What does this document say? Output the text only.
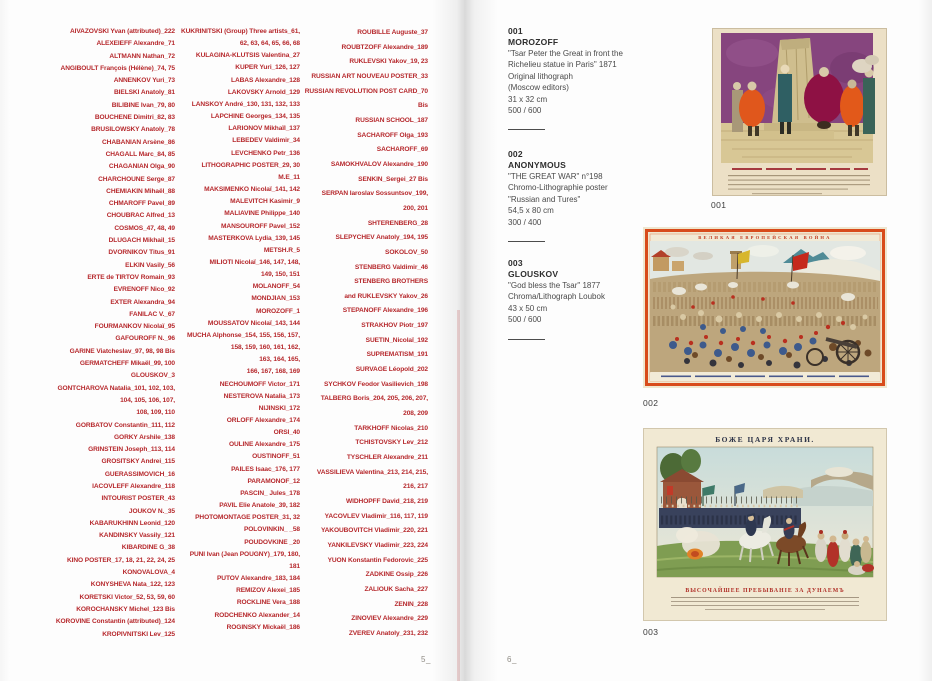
AIVAZOVSKI Yvan (attributed)_222
ALEXEIEFF Alexandre_71
ALTMANN Nathan_72
ANGIBOULT François (Hélène)_74, 75
ANNENKOV Yuri_73
BIELSKI Anatoly_81
BILIBINE Ivan_79, 80
BOUCHENE Dimitri_82, 83
BRUSILOWSKY Anatoly_78
CHABANIAN Arsène_86
CHAGALL Marc_84, 85
CHAGANIAN Olga_90
CHARCHOUNE Serge_87
CHEMIAKIN Mihaël_88
CHMAROFF Pavel_89
CHOUBRAC Alfred_13
COSMOS_47, 48, 49
DLUGACH Mikhail_15
DVORNIKOV Titus_91
ELKIN Vasily_56
ERTE de TIRTOV Romain_93
EVRENOFF Nico_92
EXTER Alexandra_94
FANILAC V._67
FOURMANKOV Nicolaï_95
GAFOUROFF N._96
GARINE Viatcheslav_97, 98, 98 Bis
GERMATCHEFF Mikaël_99, 100
GLOUSKOV_3
GONTCHAROVA Natalia_101, 102, 103,
104, 105, 106, 107,
108, 109, 110
GORBATOV Constantin_111, 112
GORKY Arshile_138
GRINSTEIN Joseph_113, 114
GROSITSKY Andrei_115
GUERASSIMOVICH_16
IACOVLEFF Alexandre_118
INTOURIST POSTER_43
JOUKOV N._35
KABARUKHINN Leonid_120
KANDINSKY Vassily_121
KIBARDINE G_38
KINO POSTER_17, 18, 21, 22, 24, 25
KONOVALOVA_4
KONYSHEVA Nata_122, 123
KORETSKI Victor_52, 53, 59, 60
KOROCHANSKY Michel_123 Bis
KOROVINE Constantin (attributed)_124
KROPIVNITSKI Lev_125
KUKRINITSKI (Group) Three artists_61,
62, 63, 64, 65, 66, 68
KULAGINA-KLUTSIS Valentina_27
KUPER Yuri_126, 127
LABAS Alexandre_128
LAKOVSKY Arnold_129
LANSKOY André_130, 131, 132, 133
LAPCHINE Georges_134, 135
LARIONOV Mikhaïl_137
LEBEDEV Valdimir_34
LEVCHENKO Petr_136
LITHOGRAPHIC POSTER_29, 30
M.E_11
MAKSIMENKO Nicolaï_141, 142
MALEVITCH Kasimir_9
MALIAVINE Philippe_140
MANSOUROFF Pavel_152
MASTERKOVA Lydia_139, 145
METSH.R_5
MILIOTI Nicolaï_146, 147, 148,
149, 150, 151
MOLANOFF_54
MONDJIAN_153
MOROZOFF_1
MOUSSATOV Nicolaï_143, 144
MUCHA Alphonse_154, 155, 156, 157,
158, 159, 160, 161, 162,
163, 164, 165,
166, 167, 168, 169
NECHOUMOFF Victor_171
NESTEROVA Natalia_173
NIJINSKI_172
ORLOFF Alexandre_174
ORSI_40
OULINE Alexandre_175
OUSTINOFF_51
PAILES Isaac_176, 177
PARAMONOF_12
PASCIN_ Jules_178
PAVIL Elie Anatole_39, 182
PHOTOMONTAGE POSTER_31, 32
POLOVINKIN_ _58
POUDOVKINE _20
PUNI Ivan (Jean POUGNY)_179, 180,
181
PUTOV Alexandre_183, 184
REMIZOV Alexei_185
ROCKLINE Vera_188
RODCHENKO Alexander_14
ROGINSKY Mickaël_186
ROUBILLE Auguste_37
ROUBTZOFF Alexandre_189
RUKLEVSKI Yakov_19, 23
RUSSIAN ART NOUVEAU POSTER_33
RUSSIAN REVOLUTION POST CARD_70
Bis
RUSSIAN SCHOOL_187
SACHAROFF Olga_193
SACHAROFF_69
SAMOKHVALOV Alexandre_190
SENKIN_Sergei_27 Bis
SERPAN Iaroslav Sossuntsov_199,
200, 201
SHTERENBERG_28
SLEPYCHEV Anatoly_194, 195
SOKOLOV_50
STENBERG Valdimir_46
STENBERG BROTHERS
and RUKLEVSKY Yakov_26
STEPANOFF Alexandre_196
STRAKHOV Piotr_197
SUETIN_Nicolaï_192
SUPREMATISM_191
SURVAGE Léopold_202
SYCHKOV Feodor Vasilievich_198
TALBERG Boris_204, 205, 206, 207,
208, 209
TARKHOFF Nicolas_210
TCHISTOVSKY Lev_212
TYSCHLER Alexandre_211
VASSILIEVA Valentina_213, 214, 215,
216, 217
WIDHOPFF David_218, 219
YACOVLEV Vladimir_116, 117, 119
YAKOUBOVITCH Vladimir_220, 221
YANKILEVSKY Vladimir_223, 224
YUON Konstantin Fedorovic_225
ZADKINE Ossip_226
ZALIOUK Sacha_227
ZENIN_228
ZINOVIEV Alexandre_229
ZVEREV Anatoly_231, 232
5_
001
MOROZOFF
"Tsar Peter the Great in front the
Richelieu statue in Paris" 1871
Original lithograph
(Moscow editors)
31 x 32 cm
500 / 600
002
ANONYMOUS
"THE GREAT WAR" n°198
Chromo-Lithographie poster
"Russian and Tures"
54,5 x 80 cm
300 / 400
003
GLOUSKOV
"God bless the Tsar" 1877
Chroma/Lithograph Loubok
43 x 50 cm
500 / 600
001
ВЕЛИКАЯ ЕВРОПЕЙСКАЯ ВОЙНА
002
БОЖЕ ЦАРЯ ХРАНИ.
ВЫСОЧАЙШЕЕ ПРЕБЫВАНІЕ ЗА ДУНАЕМЪ
003
6_
